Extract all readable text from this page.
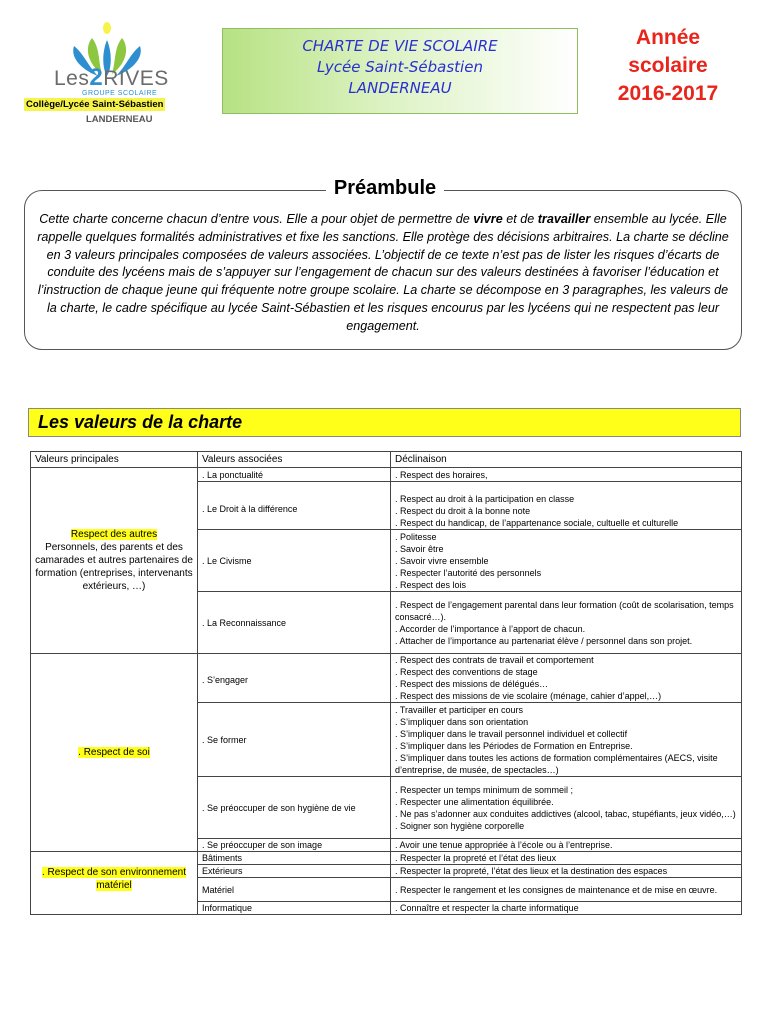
Les2RIVES
GROUPE SCOLAIRE
Collège/Lycée Saint-Sébastien
LANDERNEAU
CHARTE DE VIE SCOLAIRE
Lycée Saint-Sébastien
LANDERNEAU
Année
scolaire
2016-2017
Préambule
Cette charte concerne chacun d’entre vous. Elle a pour objet de permettre de vivre et de travailler ensemble au lycée. Elle rappelle quelques formalités administratives et fixe les sanctions. Elle protège des décisions arbitraires. La charte se décline en 3 valeurs principales composées de valeurs associées. L’objectif de ce texte n’est pas de lister les risques d’écarts de conduite des lycéens mais de s’appuyer sur l’engagement de chacun sur des valeurs destinées à favoriser l’éducation et l’instruction de chaque jeune qui fréquente notre groupe scolaire. La charte se décompose en 3 paragraphes, les valeurs de la charte, le cadre spécifique au lycée Saint-Sébastien et les risques encourus par les lycéens qui ne respectent pas leur engagement.
Les valeurs de la charte
Valeurs principales	Valeurs associées	Déclinaison
Respect des autres
Personnels, des parents et des camarades et autres partenaires de formation (entreprises, intervenants extérieurs, …)	. La ponctualité	. Respect des horaires,

	. Le Droit à la différence	. Respect au droit à la participation en classe
. Respect du droit à la bonne note
. Respect du handicap, de l’appartenance sociale, cultuelle et culturelle

	. Le Civisme	. Politesse
. Savoir être
. Savoir vivre ensemble
. Respecter l’autorité des personnels
. Respect des lois

	. La Reconnaissance	. Respect de l’engagement parental dans leur formation (coût de scolarisation, temps consacré…).
. Accorder de l’importance à l’apport de chacun.
. Attacher de l’importance au partenariat élève / personnel dans son projet.

. Respect de soi	. S’engager	. Respect des contrats de travail et comportement
. Respect des conventions de stage
. Respect des missions de délégués…
. Respect des missions de vie scolaire (ménage, cahier d’appel,…)

	. Se former	. Travailler et participer en cours
. S’impliquer dans son orientation
. S’impliquer dans le travail personnel individuel et collectif
. S’impliquer dans les Périodes de Formation en Entreprise.
. S’impliquer dans toutes les actions de formation complémentaires (AECS, visite d’entreprise, de musée, de spectacles…)

	. Se préoccuper de son hygiène de vie	. Respecter un temps minimum de sommeil ;
. Respecter une alimentation équilibrée.
. Ne pas s’adonner aux conduites addictives (alcool, tabac, stupéfiants, jeux vidéo,…)
. Soigner son hygiène corporelle

	. Se préoccuper de son image	. Avoir une tenue appropriée à l’école ou à l’entreprise.

. Respect de son environnement matériel	Bâtiments	. Respecter la propreté et l’état des lieux

	Extérieurs	. Respecter la propreté, l’état des lieux et la destination des espaces

	Matériel	. Respecter le rangement et les consignes de maintenance et de mise en œuvre.

	Informatique	. Connaître et respecter la charte informatique
